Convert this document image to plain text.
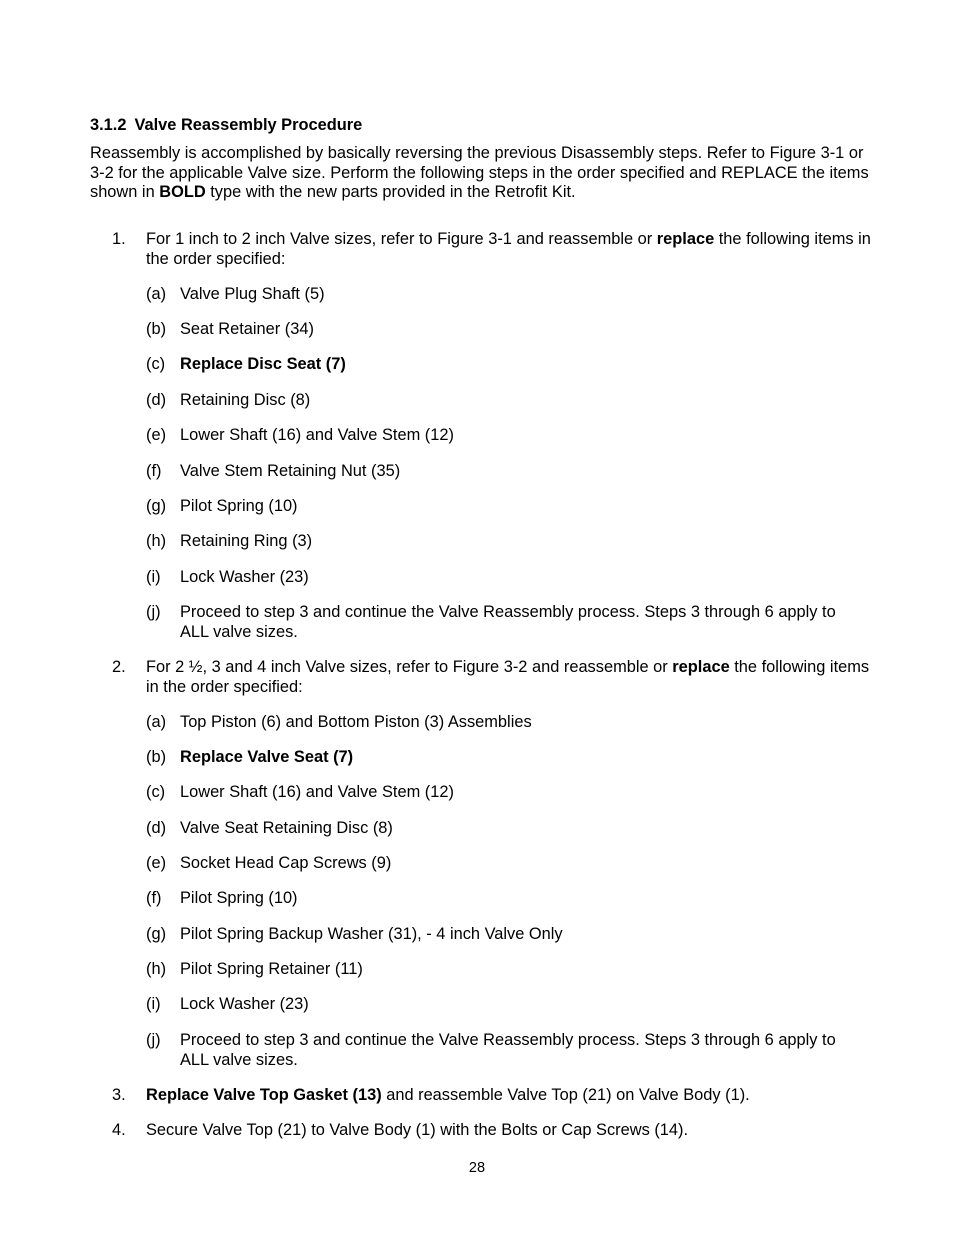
3.1.2 Valve Reassembly Procedure
Reassembly is accomplished by basically reversing the previous Disassembly steps. Refer to Figure 3-1 or 3-2 for the applicable Valve size. Perform the following steps in the order specified and REPLACE the items shown in BOLD type with the new parts provided in the Retrofit Kit.
1. For 1 inch to 2 inch Valve sizes, refer to Figure 3-1 and reassemble or replace the following items in the order specified:
(a) Valve Plug Shaft (5)
(b) Seat Retainer (34)
(c) Replace Disc Seat (7)
(d) Retaining Disc (8)
(e) Lower Shaft (16) and Valve Stem (12)
(f) Valve Stem Retaining Nut (35)
(g) Pilot Spring (10)
(h) Retaining Ring (3)
(i) Lock Washer (23)
(j) Proceed to step 3 and continue the Valve Reassembly process. Steps 3 through 6 apply to ALL valve sizes.
2. For 2 ½, 3 and 4 inch Valve sizes, refer to Figure 3-2 and reassemble or replace the following items in the order specified:
(a) Top Piston (6) and Bottom Piston (3) Assemblies
(b) Replace Valve Seat (7)
(c) Lower Shaft (16) and Valve Stem (12)
(d) Valve Seat Retaining Disc (8)
(e) Socket Head Cap Screws (9)
(f) Pilot Spring (10)
(g) Pilot Spring Backup Washer (31), - 4 inch Valve Only
(h) Pilot Spring Retainer (11)
(i) Lock Washer (23)
(j) Proceed to step 3 and continue the Valve Reassembly process. Steps 3 through 6 apply to ALL valve sizes.
3. Replace Valve Top Gasket (13) and reassemble Valve Top (21) on Valve Body (1).
4. Secure Valve Top (21) to Valve Body (1) with the Bolts or Cap Screws (14).
28
